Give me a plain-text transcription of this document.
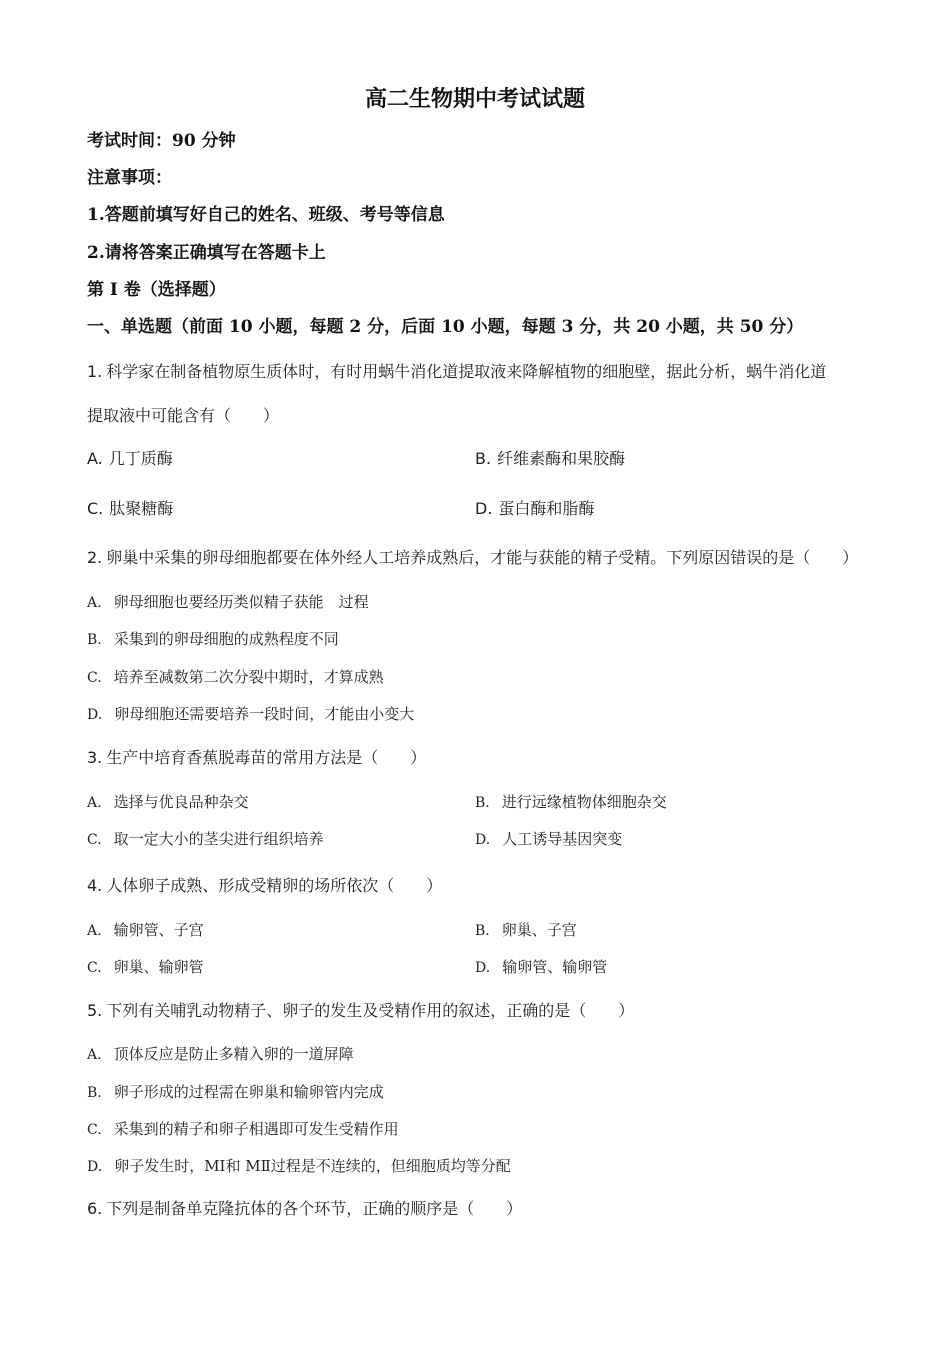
高二生物期中考试试题
考试时间：90 分钟
注意事项：
1.答题前填写好自己的姓名、班级、考号等信息
2.请将答案正确填写在答题卡上
第 I 卷（选择题）
一、单选题（前面 10 小题，每题 2 分，后面 10 小题，每题 3 分，共 20 小题，共 50 分）
1. 科学家在制备植物原生质体时，有时用蜗牛消化道提取液来降解植物的细胞壁，据此分析，蜗牛消化道
提取液中可能含有（　　）
A. 几丁质酶	B. 纤维素酶和果胶酶
C. 肽聚糖酶	D. 蛋白酶和脂酶
2. 卵巢中采集的卵母细胞都要在体外经人工培养成熟后，才能与获能的精子受精。下列原因错误的是（　　）
A. 卵母细胞也要经历类似精子获能　过程
B. 采集到的卵母细胞的成熟程度不同
C. 培养至减数第二次分裂中期时，才算成熟
D. 卵母细胞还需要培养一段时间，才能由小变大
3. 生产中培育香蕉脱毒苗的常用方法是（　　）
A. 选择与优良品种杂交	B. 进行远缘植物体细胞杂交
C. 取一定大小的茎尖进行组织培养	D. 人工诱导基因突变
4. 人体卵子成熟、形成受精卵的场所依次（　　）
A. 输卵管、子宫	B. 卵巢、子宫
C. 卵巢、输卵管	D. 输卵管、输卵管
5. 下列有关哺乳动物精子、卵子的发生及受精作用的叙述，正确的是（　　）
A. 顶体反应是防止多精入卵的一道屏障
B. 卵子形成的过程需在卵巢和输卵管内完成
C. 采集到的精子和卵子相遇即可发生受精作用
D. 卵子发生时，MⅠ和 MⅡ过程是不连续的，但细胞质均等分配
6. 下列是制备单克隆抗体的各个环节，正确的顺序是（　　）
